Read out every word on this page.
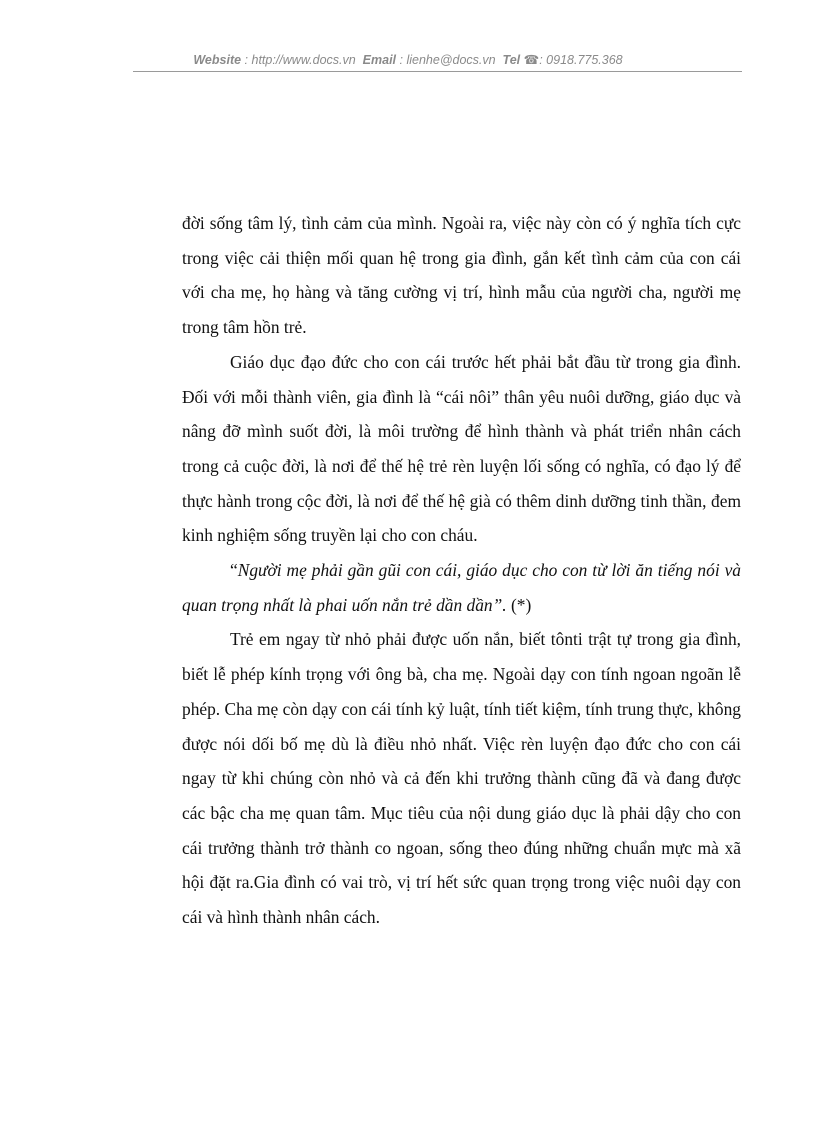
Website : http://www.docs.vn Email : lienhe@docs.vn Tel ☎: 0918.775.368

đời sống tâm lý, tình cảm của mình. Ngoài ra, việc này còn có ý nghĩa tích cực trong việc cải thiện mối quan hệ trong gia đình, gắn kết tình cảm của con cái với cha mẹ, họ hàng và tăng cường vị trí, hình mẫu của người cha, người mẹ trong tâm hồn trẻ.

Giáo dục đạo đức cho con cái trước hết phải bắt đầu từ trong gia đình. Đối với mỗi thành viên, gia đình là “cái nôi” thân yêu nuôi dưỡng, giáo dục và nâng đỡ mình suốt đời, là môi trường để hình thành và phát triển nhân cách trong cả cuộc đời, là nơi để thế hệ trẻ rèn luyện lối sống có nghĩa, có đạo lý để thực hành trong cộc đời, là nơi để thế hệ già có thêm dinh dưỡng tinh thần, đem kinh nghiệm sống truyền lại cho con cháu.

“Người mẹ phải gần gũi con cái, giáo dục cho con từ lời ăn tiếng nói và quan trọng nhất là phai uốn nắn trẻ dần dần”. (*)

Trẻ em ngay từ nhỏ phải được uốn nắn, biết tônti trật tự trong gia đình, biết lễ phép kính trọng với ông bà, cha mẹ. Ngoài dạy con tính ngoan ngoãn lễ phép. Cha mẹ còn dạy con cái tính kỷ luật, tính tiết kiệm, tính trung thực, không được nói dối bố mẹ dù là điều nhỏ nhất. Việc rèn luyện đạo đức cho con cái ngay từ khi chúng còn nhỏ và cả đến khi trưởng thành cũng đã và đang được các bậc cha mẹ quan tâm. Mục tiêu của nội dung giáo dục là phải dậy cho con cái trưởng thành trở thành co ngoan, sống theo đúng những chuẩn mực mà xã hội đặt ra.Gia đình có vai trò, vị trí hết sức quan trọng trong việc nuôi dạy con cái và hình thành nhân cách.
